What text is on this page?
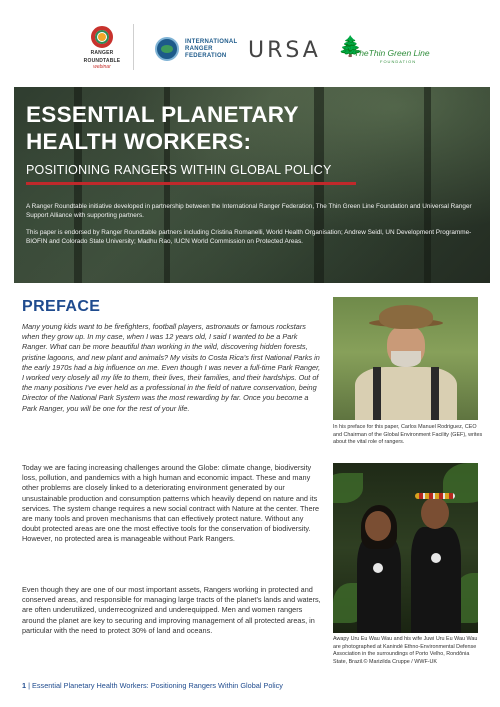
RANGER
ROUNDTABLE
webinar
INTERNATIONAL
RANGER
FEDERATION URSA 🌲
TheThin Green Line
FOUNDATION
ESSENTIAL PLANETARY
HEALTH WORKERS:
POSITIONING RANGERS WITHIN GLOBAL POLICY
A Ranger Roundtable initiative developed in partnership between the International Ranger Federation, The Thin Green Line Foundation and Universal Ranger Support Alliance with supporting partners.
This paper is endorsed by Ranger Roundtable partners including Cristina Romanelli, World Health Organisation; Andrew Seidl, UN Development Programme-BIOFIN and Colorado State University; Madhu Rao, IUCN World Commission on Protected Areas.
PREFACE
Many young kids want to be firefighters, football players, astronauts or famous rockstars when they grow up. In my case, when I was 12 years old, I said I wanted to be a Park Ranger. What can be more beautiful than working in the wild, discovering hidden forests, pristine lagoons, and new plant and animals? My visits to Costa Rica's first National Parks in the early 1970s had a big influence on me. Even though I was never a full-time Park Ranger, I worked very closely all my life to them, their lives, their families, and their hardships. Out of the many positions I've ever held as a professional in the field of nature conservation, being Director of the National Park System was the most rewarding by far. Once you become a Park Ranger, you will be one for the rest of your life.
Today we are facing increasing challenges around the Globe: climate change, biodiversity loss, pollution, and pandemics with a high human and economic impact. These and many other problems are closely linked to a deteriorating environment generated by our unsustainable production and consumption patterns which heavily depend on nature and its services. The system change requires a new social contract with Nature at the center. There are many tools and proven mechanisms that can effectively protect nature. Without any doubt protected areas are one the most effective tools for the conservation of biodiversity. However, no protected area is manageable without Park Rangers.
Even though they are one of our most important assets, Rangers working in protected and conserved areas, and responsible for managing large tracts of the planet's lands and waters, are often underutilized, underrecognized and underequipped. Men and women rangers around the planet are key to securing and improving management of all protected areas, in particular with the need to protect 30% of land and oceans.
In his preface for this paper, Carlos Manuel Rodriguez, CEO and Chairman of the Global Environment Facility (GEF), writes about the vital role of rangers.
Awapy Uru Eu Wau Wau and his wife Juwi Uru Eu Wau Wau are photographed at Kanindé Ethno-Environmental Defense Association in the surroundings of Porto Velho, Rondônia State, Brazil.© Marizilda Cruppe / WWF-UK
1 | Essential Planetary Health Workers: Positioning Rangers Within Global Policy
